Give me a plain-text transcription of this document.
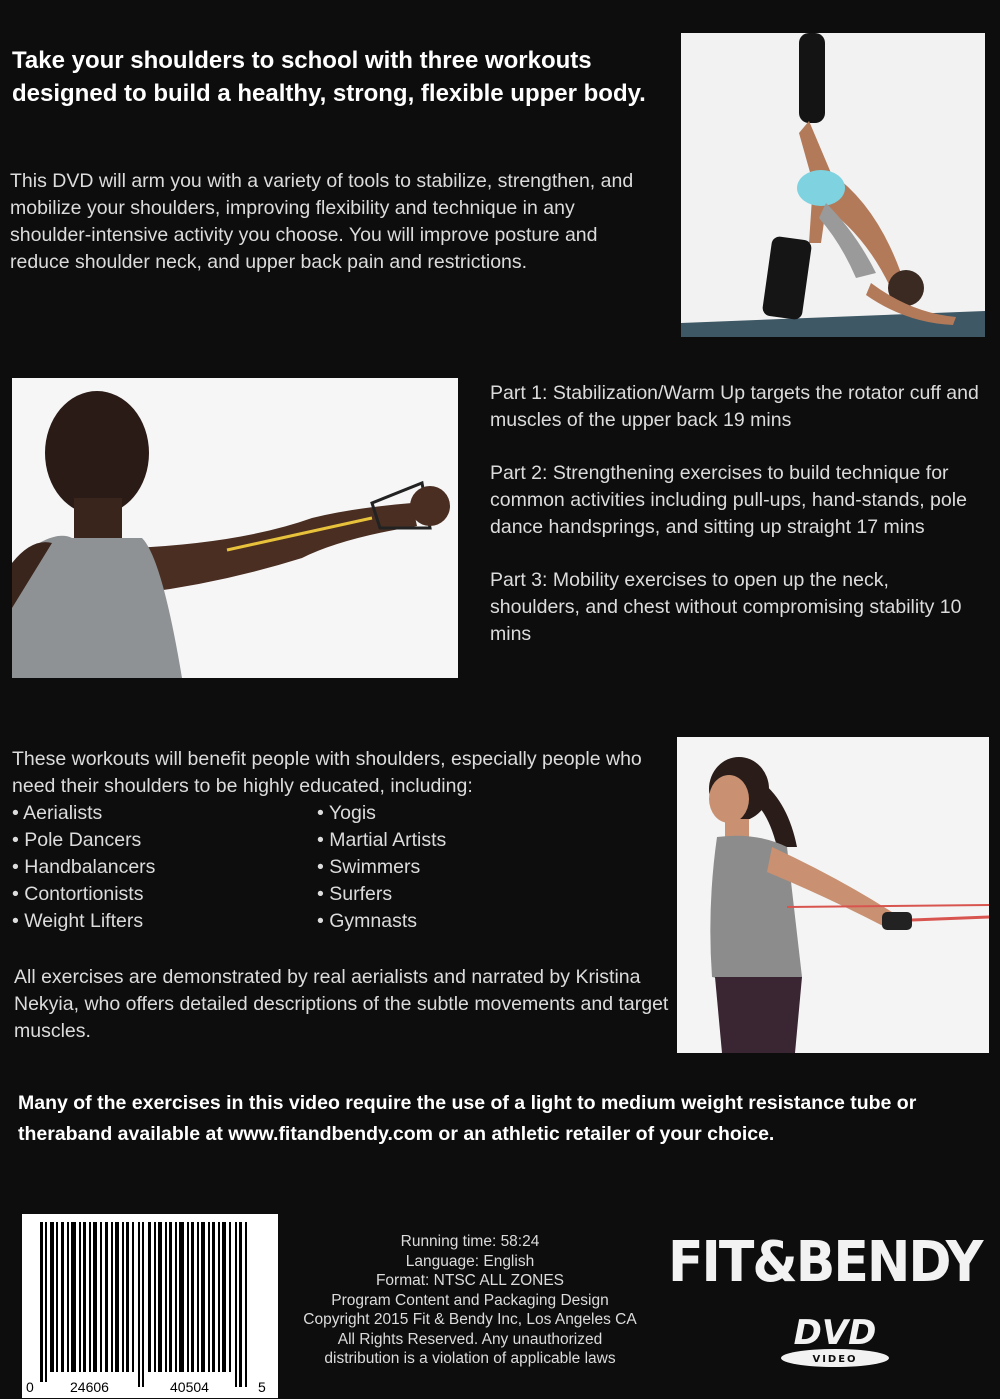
Take your shoulders to school with three workouts designed to build a healthy, strong, flexible upper body.
This DVD will arm you with a variety of tools to stabilize, strengthen, and mobilize your shoulders, improving flexibility and technique in any shoulder-intensive activity you choose. You will improve posture and reduce shoulder neck, and upper back pain and restrictions.

Part 1: Stabilization/Warm Up targets the rotator cuff and muscles of the upper back 19 mins

Part 2: Strengthening exercises to build technique for common activities including pull-ups, hand-stands, pole dance handsprings, and sitting up straight 17 mins

Part 3: Mobility exercises to open up the neck, shoulders, and chest without compromising stability 10 mins

These workouts will benefit people with shoulders, especially people who need their shoulders to be highly educated, including:
• Aerialists
• Pole Dancers
• Handbalancers
• Contortionists
• Weight Lifters
• Yogis
• Martial Artists
• Swimmers
• Surfers
• Gymnasts
All exercises are demonstrated by real aerialists and narrated by Kristina Nekyia, who offers detailed descriptions of the subtle movements and target muscles.
Many of the exercises in this video require the use of a light to medium weight resistance tube or theraband available at www.fitandbendy.com or an athletic retailer of your choice.
0	24606	40504	5
Running time: 58:24
Language: English
Format: NTSC ALL ZONES
Program Content and Packaging Design
Copyright 2015 Fit & Bendy Inc, Los Angeles CA
All Rights Reserved. Any unauthorized
distribution is a violation of applicable laws
FIT&BENDY
DVD
VIDEO
